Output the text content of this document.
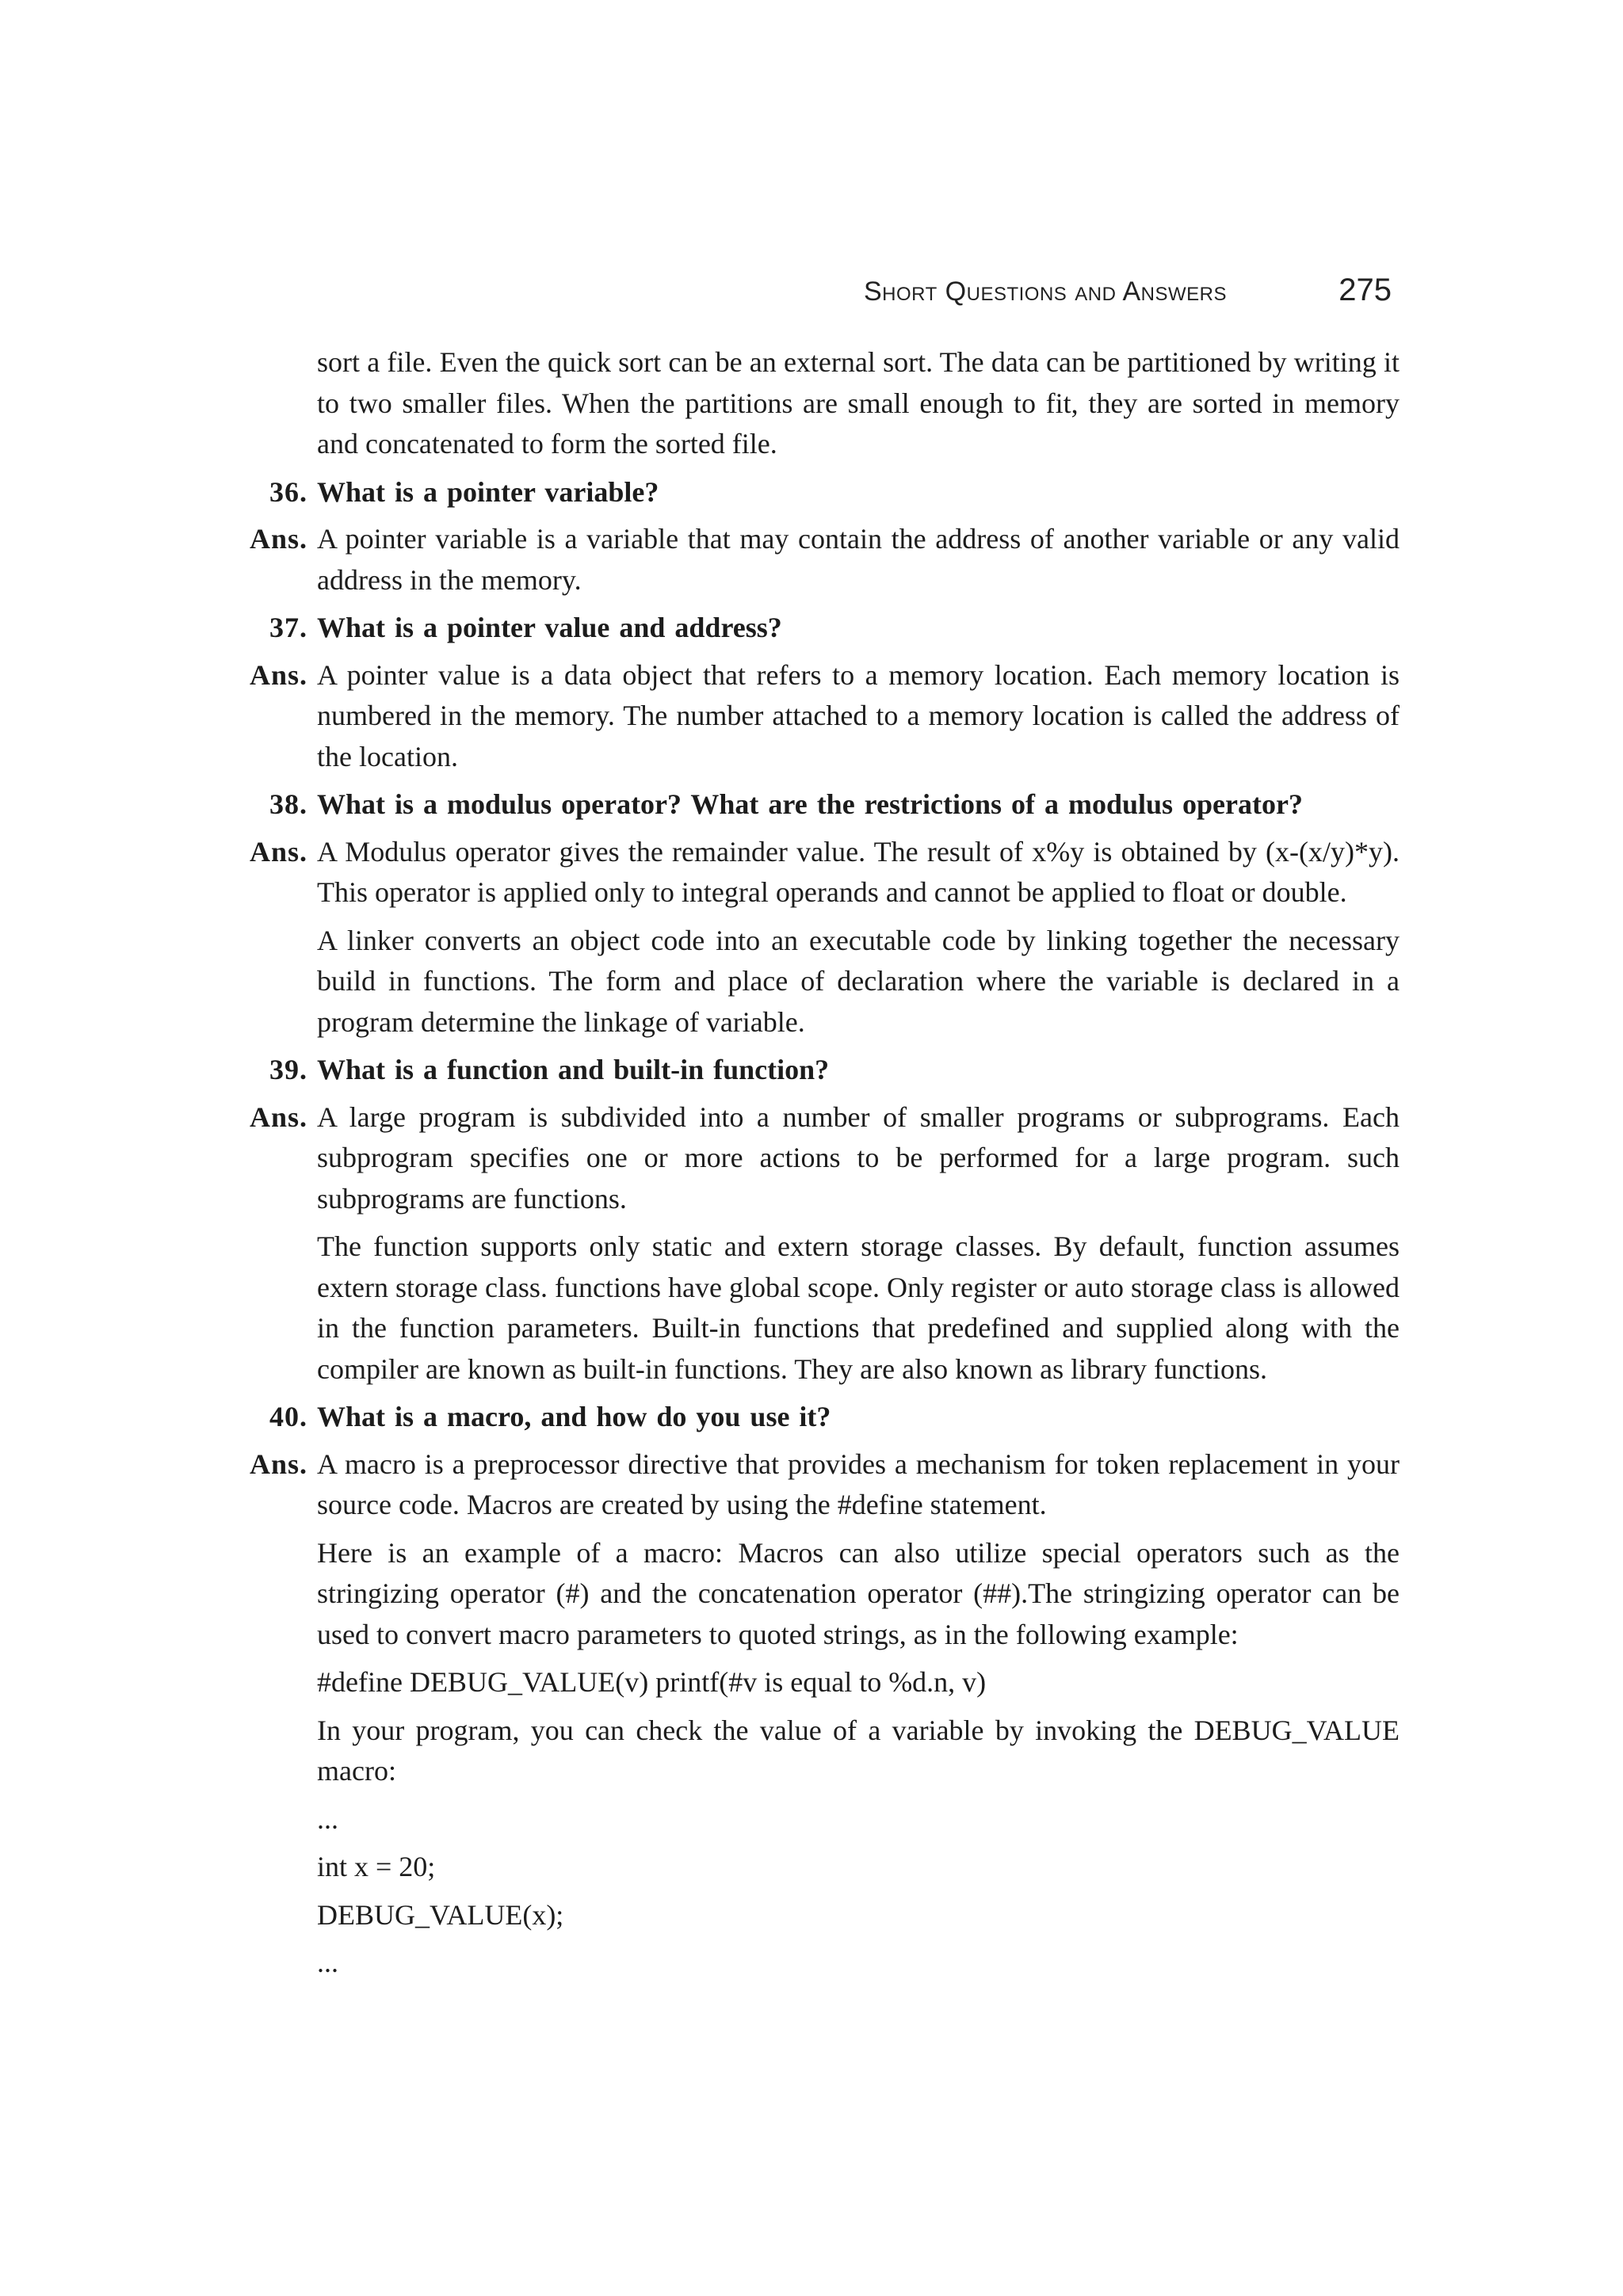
Short Questions and Answers	275

sort a file. Even the quick sort can be an external sort. The data can be partitioned by writing it to two smaller files. When the partitions are small enough to fit, they are sorted in memory and concatenated to form the sorted file.

36. What is a pointer variable?

Ans. A pointer variable is a variable that may contain the address of another variable or any valid address in the memory.

37. What is a pointer value and address?

Ans. A pointer value is a data object that refers to a memory location. Each memory location is numbered in the memory. The number attached to a memory location is called the address of the location.

38. What is a modulus operator? What are the restrictions of a modulus operator?

Ans. A Modulus operator gives the remainder value. The result of x%y is obtained by (x-(x/y)*y). This operator is applied only to integral operands and cannot be applied to float or double.

A linker converts an object code into an executable code by linking together the necessary build in functions. The form and place of declaration where the variable is declared in a program determine the linkage of variable.

39. What is a function and built-in function?

Ans. A large program is subdivided into a number of smaller programs or subprograms. Each subprogram specifies one or more actions to be performed for a large program. such subprograms are functions.

The function supports only static and extern storage classes. By default, function assumes extern storage class. functions have global scope. Only register or auto storage class is allowed in the function parameters. Built-in functions that predefined and supplied along with the compiler are known as built-in functions. They are also known as library functions.

40. What is a macro, and how do you use it?

Ans. A macro is a preprocessor directive that provides a mechanism for token replacement in your source code. Macros are created by using the #define statement.

Here is an example of a macro: Macros can also utilize special operators such as the stringizing operator (#) and the concatenation operator (##).The stringizing operator can be used to convert macro parameters to quoted strings, as in the following example:

#define DEBUG_VALUE(v) printf(#v is equal to %d.n, v)

In your program, you can check the value of a variable by invoking the DEBUG_VALUE macro:

...

int x = 20;

DEBUG_VALUE(x);

...
